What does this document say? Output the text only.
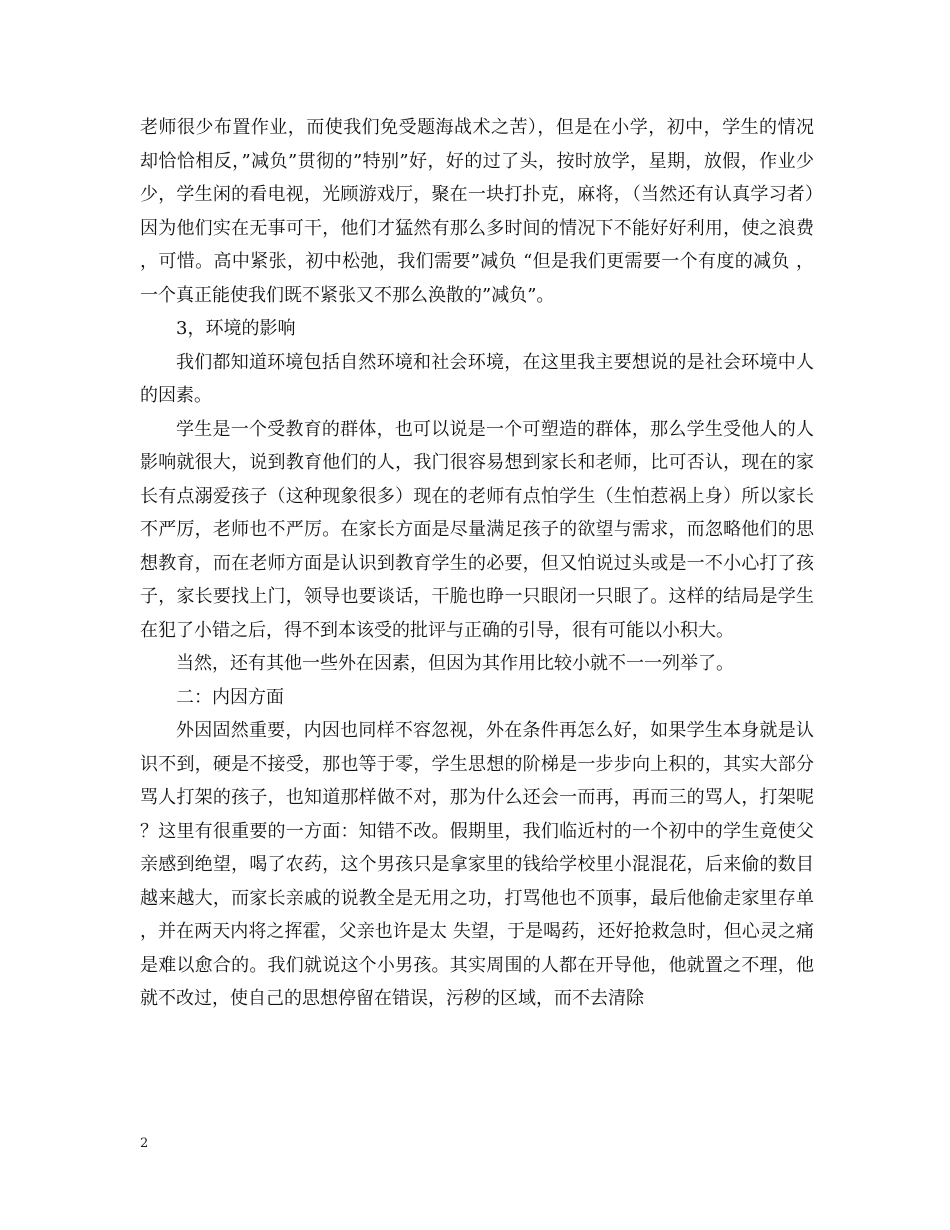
老师很少布置作业，而使我们免受题海战术之苦），但是在小学，初中，学生的情况却恰恰相反，”减负”贯彻的”特别”好，好的过了头，按时放学，星期，放假，作业少少，学生闲的看电视，光顾游戏厅，聚在一块打扑克，麻将，（当然还有认真学习者）因为他们实在无事可干，他们才猛然有那么多时间的情况下不能好好利用，使之浪费，可惜。高中紧张，初中松弛，我们需要”减负 “但是我们更需要一个有度的减负 ，一个真正能使我们既不紧张又不那么涣散的”减负”。

3，环境的影响

我们都知道环境包括自然环境和社会环境，在这里我主要想说的是社会环境中人的因素。

学生是一个受教育的群体，也可以说是一个可塑造的群体，那么学生受他人的人影响就很大，说到教育他们的人，我门很容易想到家长和老师，比可否认，现在的家长有点溺爱孩子（这种现象很多）现在的老师有点怕学生（生怕惹祸上身）所以家长不严厉，老师也不严厉。在家长方面是尽量满足孩子的欲望与需求，而忽略他们的思想教育，而在老师方面是认识到教育学生的必要，但又怕说过头或是一不小心打了孩子，家长要找上门，领导也要谈话，干脆也睁一只眼闭一只眼了。这样的结局是学生在犯了小错之后，得不到本该受的批评与正确的引导，很有可能以小积大。

当然，还有其他一些外在因素，但因为其作用比较小就不一一列举了。

二：内因方面

外因固然重要，内因也同样不容忽视，外在条件再怎么好，如果学生本身就是认识不到，硬是不接受，那也等于零，学生思想的阶梯是一步步向上积的，其实大部分骂人打架的孩子，也知道那样做不对，那为什么还会一而再，再而三的骂人，打架呢？这里有很重要的一方面：知错不改。假期里，我们临近村的一个初中的学生竟使父亲感到绝望，喝了农药，这个男孩只是拿家里的钱给学校里小混混花，后来偷的数目越来越大，而家长亲戚的说教全是无用之功，打骂他也不顶事，最后他偷走家里存单，并在两天内将之挥霍，父亲也许是太 失望，于是喝药，还好抢救急时，但心灵之痛是难以愈合的。我们就说这个小男孩。其实周围的人都在开导他，他就置之不理，他就不改过，使自己的思想停留在错误，污秽的区域，而不去清除

2
